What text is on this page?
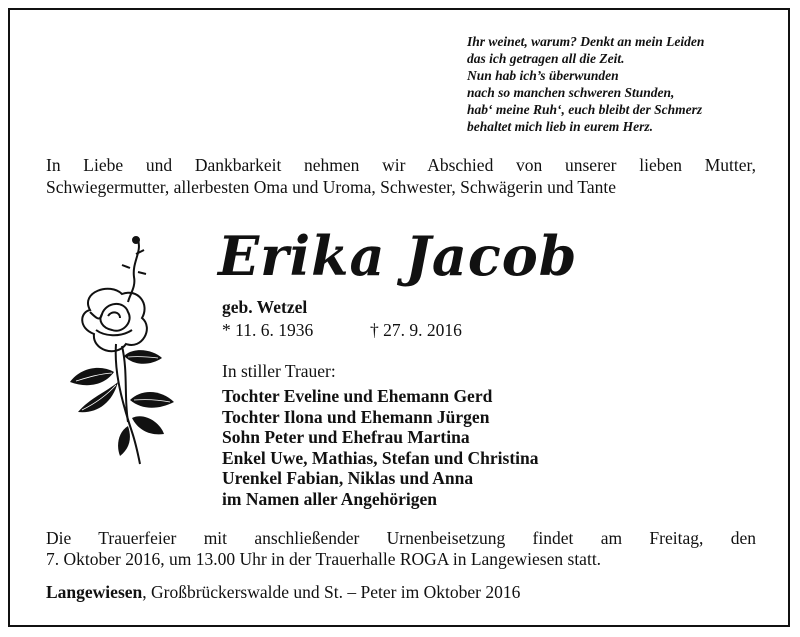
Ihr weinet, warum? Denkt an mein Leiden
das ich getragen all die Zeit.
Nun hab ich’s überwunden
nach so manchen schweren Stunden,
hab‘ meine Ruh‘, euch bleibt der Schmerz
behaltet mich lieb in eurem Herz.
In Liebe und Dankbarkeit nehmen wir Abschied von unserer lieben Mutter,
Schwiegermutter, allerbesten Oma und Uroma, Schwester, Schwägerin und Tante
Erika Jacob
geb. Wetzel
* 11. 6. 1936	† 27. 9. 2016
In stiller Trauer:
Tochter Eveline und Ehemann Gerd
Tochter Ilona und Ehemann Jürgen
Sohn Peter und Ehefrau Martina
Enkel Uwe, Mathias, Stefan und Christina
Urenkel Fabian, Niklas und Anna
im Namen aller Angehörigen
Die Trauerfeier mit anschließender Urnenbeisetzung findet am Freitag, den
7. Oktober 2016, um 13.00 Uhr in der Trauerhalle ROGA in Langewiesen statt.
Langewiesen, Großbrückerswalde und St. – Peter im Oktober 2016
